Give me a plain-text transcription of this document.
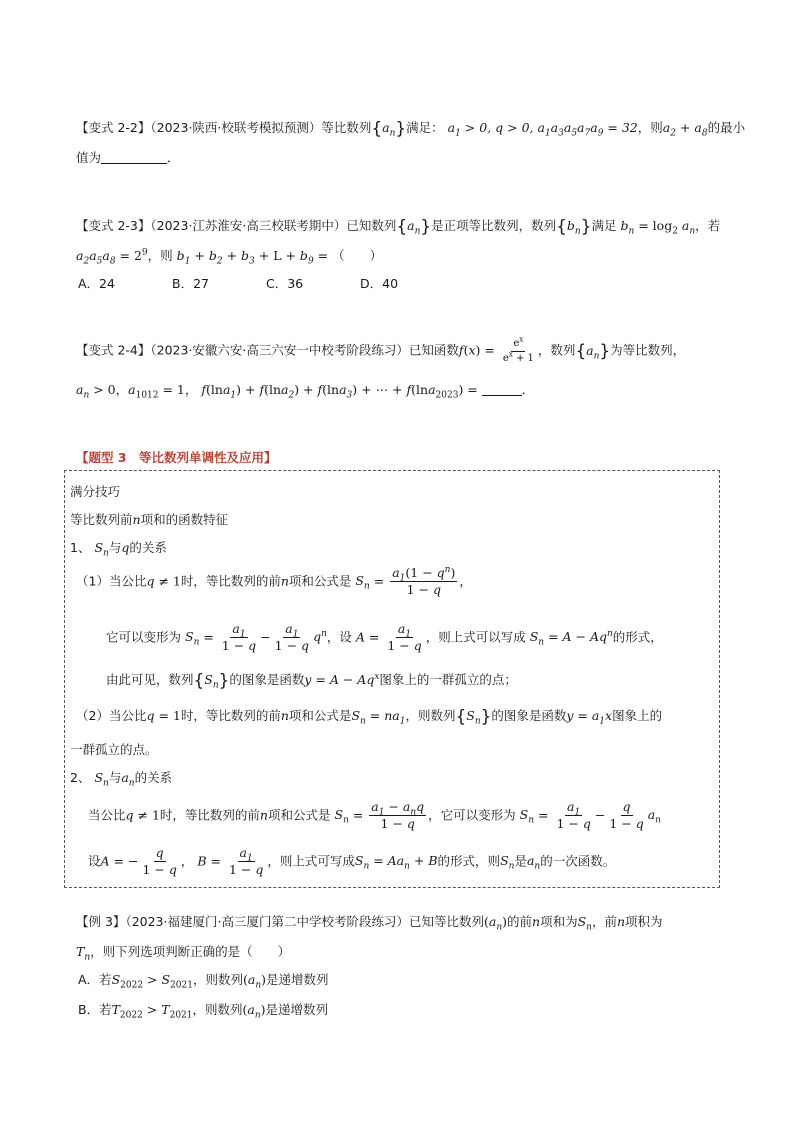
【变式 2-2】（2023·陕西·校联考模拟预测）等比数列$\{a_n\}$满足： $a_1 > 0$, q > 0, $a_1a_3a_5a_7a_9 = 32$，则$a_2 + a_8$的最小
值为	．
【变式 2-3】（2023·江苏淮安·高三校联考期中）已知数列$\{a_n\}$是正项等比数列，数列$\{b_n\}$满足 $b_n = \log_2 a_n$，若
$a_2a_5a_8 = 2^9$，则 $b_1 + b_2 + b_3 + L + b_9$ = （　　）
A．24	B．27	C．36	D．40
【变式 2-4】（2023·安徽六安·高三六安一中校考阶段练习）已知函数$f(x) = \frac{e^x}{e^x + 1}$ ，数列$\{a_n\}$为等比数列，
$a_n > 0$，$a_{1012} = 1$， f(lna$_1$) + f(lna$_2$) + f(lna$_3$) + ⋯ + f(lna$_{2023}$) =	．
【题型 3　等比数列单调性及应用】
满分技巧
等比数列前n项和的函数特征
1、 $S_n$与q的关系
（1）当公比q ≠ 1时，等比数列的前n项和公式是 $S_n = \frac{a_1(1 - q^n)}{1 - q}$ ，
它可以变形为 $S_n = \frac{a_1}{1 - q} - \frac{a_1}{1 - q} q^n$，设 $A = \frac{a_1}{1 - q}$ ，则上式可以写成 $S_n = A - Aq^n$的形式，
由此可见，数列$\{S_n\}$的图象是函数$y = A - Aq^x$图象上的一群孤立的点；
（2）当公比q = 1时，等比数列的前n项和公式是$S_n = na_1$，则数列$\{S_n\}$的图象是函数$y = a_1x$图象上的
一群孤立的点。
2、 $S_n$与$a_n$的关系
当公比q ≠ 1时，等比数列的前n项和公式是 $S_n = \frac{a_1 - a_nq}{1 - q}$ ，它可以变形为 $S_n = \frac{a_1}{1 - q} - \frac{q}{1 - q} a_n$
设A = − $\frac{q}{1 - q}$ ， $B = \frac{a_1}{1 - q}$ ，则上式可写成$S_n = Aa_n + B$的形式，则$S_n$是$a_n$的一次函数。
【例 3】（2023·福建厦门·高三厦门第二中学校考阶段练习）已知等比数列$(a_n)$的前n项和为$S_n$，前n项积为
$T_n$，则下列选项判断正确的是（　　）
A．若$S_{2022} > S_{2021}$，则数列$(a_n)$是递增数列
B．若$T_{2022} > T_{2021}$，则数列$(a_n)$是递增数列
